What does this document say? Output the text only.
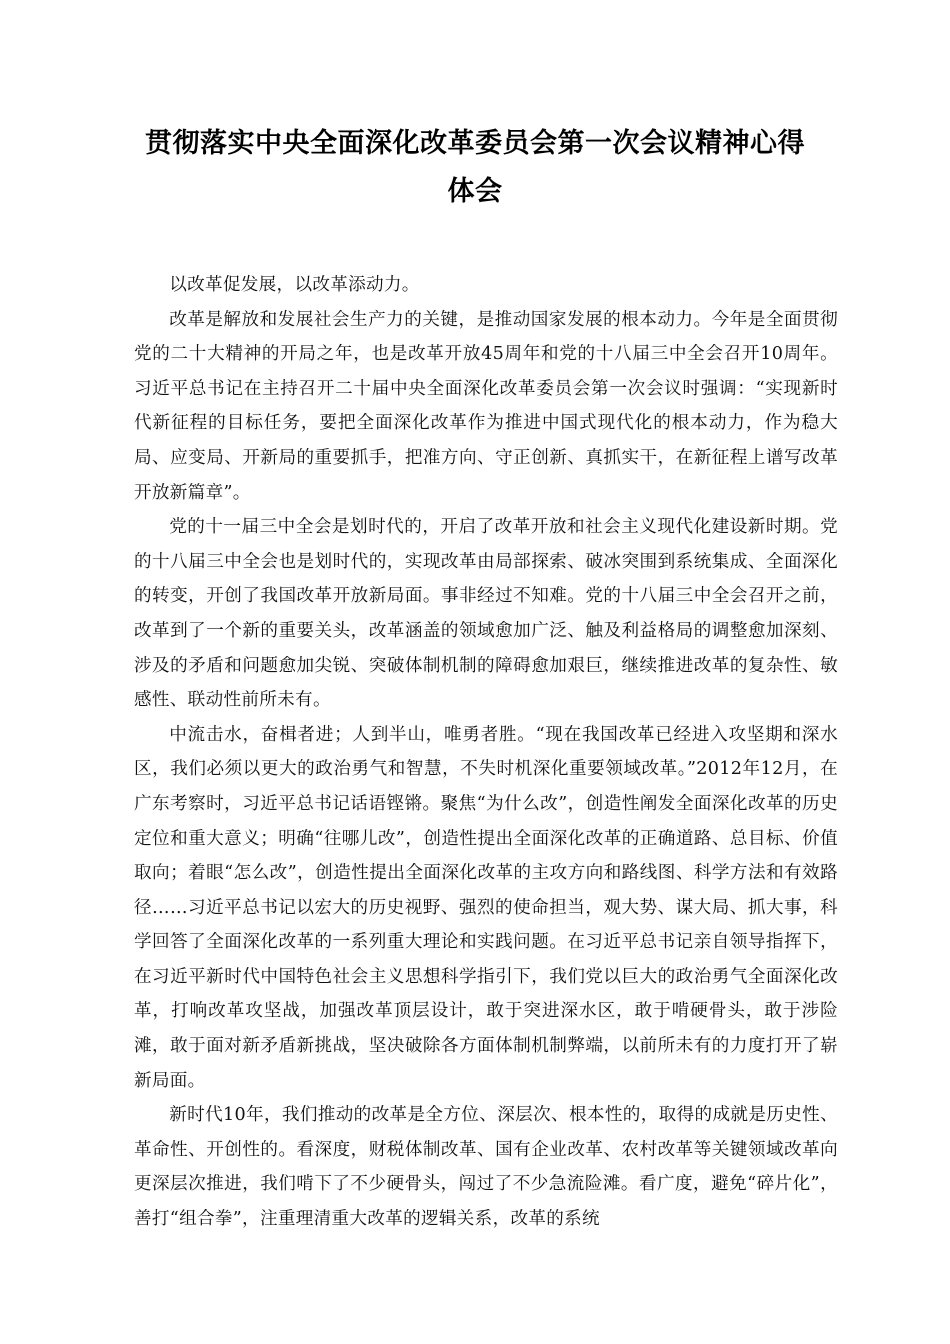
贯彻落实中央全面深化改革委员会第一次会议精神心得
体会

以改革促发展，以改革添动力。

改革是解放和发展社会生产力的关键，是推动国家发展的根本动力。今年是全面贯彻党的二十大精神的开局之年，也是改革开放45周年和党的十八届三中全会召开10周年。习近平总书记在主持召开二十届中央全面深化改革委员会第一次会议时强调：“实现新时代新征程的目标任务，要把全面深化改革作为推进中国式现代化的根本动力，作为稳大局、应变局、开新局的重要抓手，把准方向、守正创新、真抓实干，在新征程上谱写改革开放新篇章”。

党的十一届三中全会是划时代的，开启了改革开放和社会主义现代化建设新时期。党的十八届三中全会也是划时代的，实现改革由局部探索、破冰突围到系统集成、全面深化的转变，开创了我国改革开放新局面。事非经过不知难。党的十八届三中全会召开之前，改革到了一个新的重要关头，改革涵盖的领域愈加广泛、触及利益格局的调整愈加深刻、涉及的矛盾和问题愈加尖锐、突破体制机制的障碍愈加艰巨，继续推进改革的复杂性、敏感性、联动性前所未有。

中流击水，奋楫者进；人到半山，唯勇者胜。“现在我国改革已经进入攻坚期和深水区，我们必须以更大的政治勇气和智慧，不失时机深化重要领域改革。”2012年12月，在广东考察时，习近平总书记话语铿锵。聚焦“为什么改”，创造性阐发全面深化改革的历史定位和重大意义；明确“往哪儿改”，创造性提出全面深化改革的正确道路、总目标、价值取向；着眼“怎么改”，创造性提出全面深化改革的主攻方向和路线图、科学方法和有效路径……习近平总书记以宏大的历史视野、强烈的使命担当，观大势、谋大局、抓大事，科学回答了全面深化改革的一系列重大理论和实践问题。在习近平总书记亲自领导指挥下，在习近平新时代中国特色社会主义思想科学指引下，我们党以巨大的政治勇气全面深化改革，打响改革攻坚战，加强改革顶层设计，敢于突进深水区，敢于啃硬骨头，敢于涉险滩，敢于面对新矛盾新挑战，坚决破除各方面体制机制弊端，以前所未有的力度打开了崭新局面。

新时代10年，我们推动的改革是全方位、深层次、根本性的，取得的成就是历史性、革命性、开创性的。看深度，财税体制改革、国有企业改革、农村改革等关键领域改革向更深层次推进，我们啃下了不少硬骨头，闯过了不少急流险滩。看广度，避免“碎片化”，善打“组合拳”，注重理清重大改革的逻辑关系，改革的系统
